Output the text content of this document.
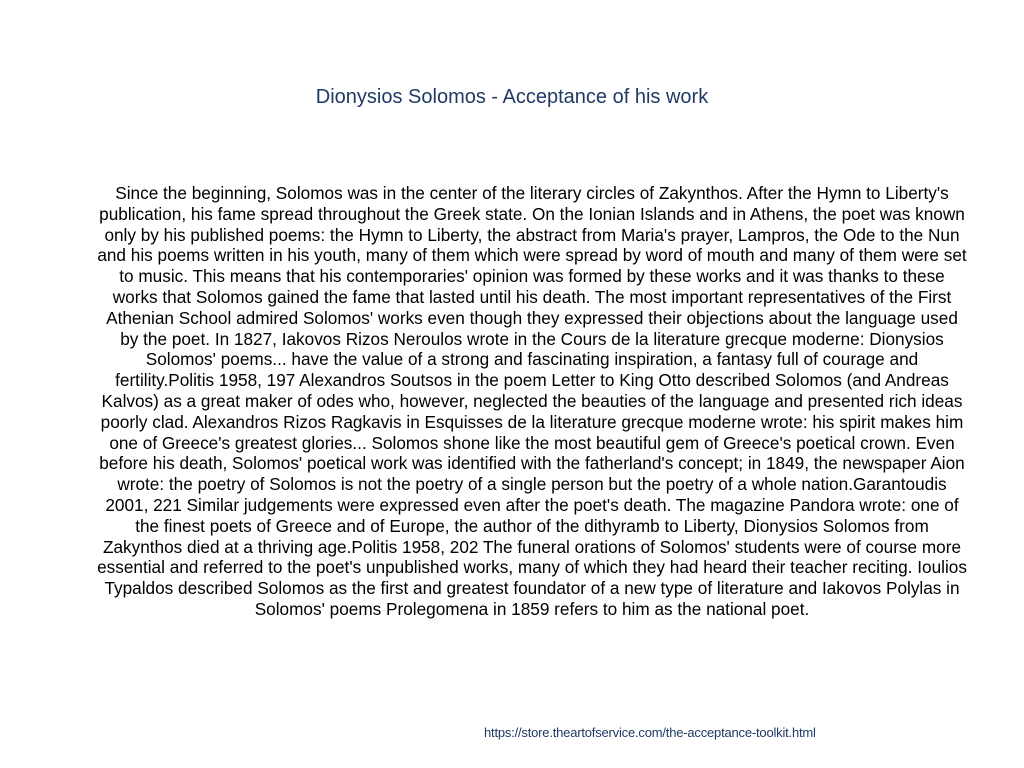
Dionysios Solomos - Acceptance of his work

Since the beginning, Solomos was in the center of the literary circles of Zakynthos. After the Hymn to Liberty's publication, his fame spread throughout the Greek state. On the Ionian Islands and in Athens, the poet was known only by his published poems: the Hymn to Liberty, the abstract from Maria's prayer, Lampros, the Ode to the Nun and his poems written in his youth, many of them which were spread by word of mouth and many of them were set to music. This means that his contemporaries' opinion was formed by these works and it was thanks to these works that Solomos gained the fame that lasted until his death. The most important representatives of the First Athenian School admired Solomos' works even though they expressed their objections about the language used by the poet. In 1827, Iakovos Rizos Neroulos wrote in the Cours de la literature grecque moderne: Dionysios Solomos' poems... have the value of a strong and fascinating inspiration, a fantasy full of courage and fertility.Politis 1958, 197 Alexandros Soutsos in the poem Letter to King Otto described Solomos (and Andreas Kalvos) as a great maker of odes who, however, neglected the beauties of the language and presented rich ideas poorly clad. Alexandros Rizos Ragkavis in Esquisses de la literature grecque moderne wrote: his spirit makes him one of Greece's greatest glories... Solomos shone like the most beautiful gem of Greece's poetical crown. Even before his death, Solomos' poetical work was identified with the fatherland's concept; in 1849, the newspaper Aion wrote: the poetry of Solomos is not the poetry of a single person but the poetry of a whole nation.Garantoudis 2001, 221 Similar judgements were expressed even after the poet's death. The magazine Pandora wrote: one of the finest poets of Greece and of Europe, the author of the dithyramb to Liberty, Dionysios Solomos from Zakynthos died at a thriving age.Politis 1958, 202 The funeral orations of Solomos' students were of course more essential and referred to the poet's unpublished works, many of which they had heard their teacher reciting. Ioulios Typaldos described Solomos as the first and greatest foundator of a new type of literature and Iakovos Polylas in Solomos' poems Prolegomena in 1859 refers to him as the national poet.

https://store.theartofservice.com/the-acceptance-toolkit.html
